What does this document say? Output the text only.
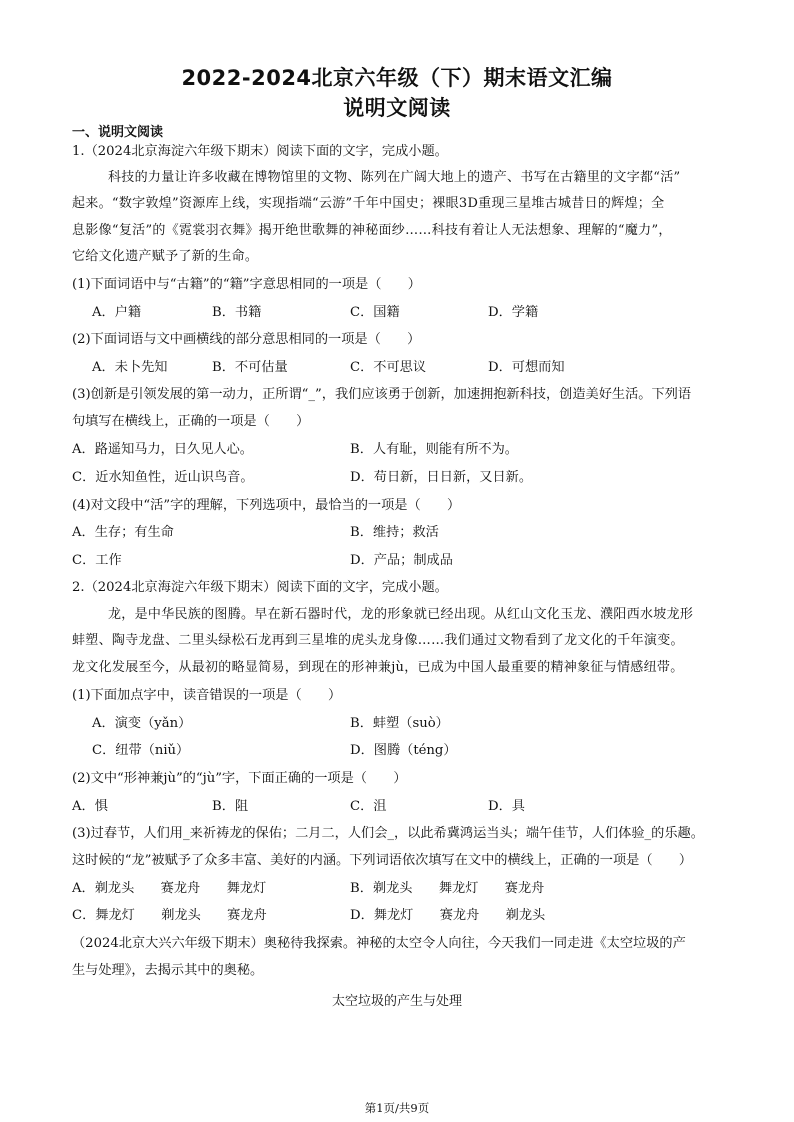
2022-2024北京六年级（下）期末语文汇编
说明文阅读
一、说明文阅读
1.（2024北京海淀六年级下期末）阅读下面的文字，完成小题。
科技的力量让许多收藏在博物馆里的文物、陈列在广阔大地上的遗产、书写在古籍里的文字都“活”
起来。“数字敦煌”资源库上线，实现指端“云游”千年中国史；裸眼3D重现三星堆古城昔日的辉煌；全
息影像“复活”的《霓裳羽衣舞》揭开绝世歌舞的神秘面纱……科技有着让人无法想象、理解的“魔力”，
它给文化遗产赋予了新的生命。
(1)下面词语中与“古籍”的“籍”字意思相同的一项是（　　）
A．户籍	B．书籍	C．国籍	D．学籍
(2)下面词语与文中画横线的部分意思相同的一项是（　　）
A．未卜先知	B．不可估量	C．不可思议	D．可想而知
(3)创新是引领发展的第一动力，正所谓“_”，我们应该勇于创新，加速拥抱新科技，创造美好生活。下列语
句填写在横线上，正确的一项是（　　）
A．路遥知马力，日久见人心。	B．人有耻，则能有所不为。
C．近水知鱼性，近山识鸟音。	D．苟日新，日日新，又日新。
(4)对文段中“活”字的理解，下列选项中，最恰当的一项是（　　）
A．生存；有生命	B．维持；救活
C．工作	D．产品；制成品
2.（2024北京海淀六年级下期末）阅读下面的文字，完成小题。
龙，是中华民族的图腾。早在新石器时代，龙的形象就已经出现。从红山文化玉龙、濮阳西水坡龙形
蚌塑、陶寺龙盘、二里头绿松石龙再到三星堆的虎头龙身像……我们通过文物看到了龙文化的千年演变。
龙文化发展至今，从最初的略显简易，到现在的形神兼jù，已成为中国人最重要的精神象征与情感纽带。
(1)下面加点字中，读音错误的一项是（　　）
A．演变（yǎn）	B．蚌塑（suò）
C．纽带（niǔ）	D．图腾（téng）
(2)文中“形神兼jù”的“jù”字，下面正确的一项是（　　）
A．惧	B．阻	C．沮	D．具
(3)过春节，人们用_来祈祷龙的保佑；二月二，人们会_，以此希冀鸿运当头；端午佳节，人们体验_的乐趣。
这时候的“龙”被赋予了众多丰富、美好的内涵。下列词语依次填写在文中的横线上，正确的一项是（　　）
A．剃龙头　　赛龙舟　　舞龙灯	B．剃龙头　　舞龙灯　　赛龙舟
C．舞龙灯　　剃龙头　　赛龙舟	D．舞龙灯　　赛龙舟　　剃龙头
（2024北京大兴六年级下期末）奥秘待我探索。神秘的太空令人向往，今天我们一同走进《太空垃圾的产
生与处理》，去揭示其中的奥秘。
太空垃圾的产生与处理
第1页/共9页
